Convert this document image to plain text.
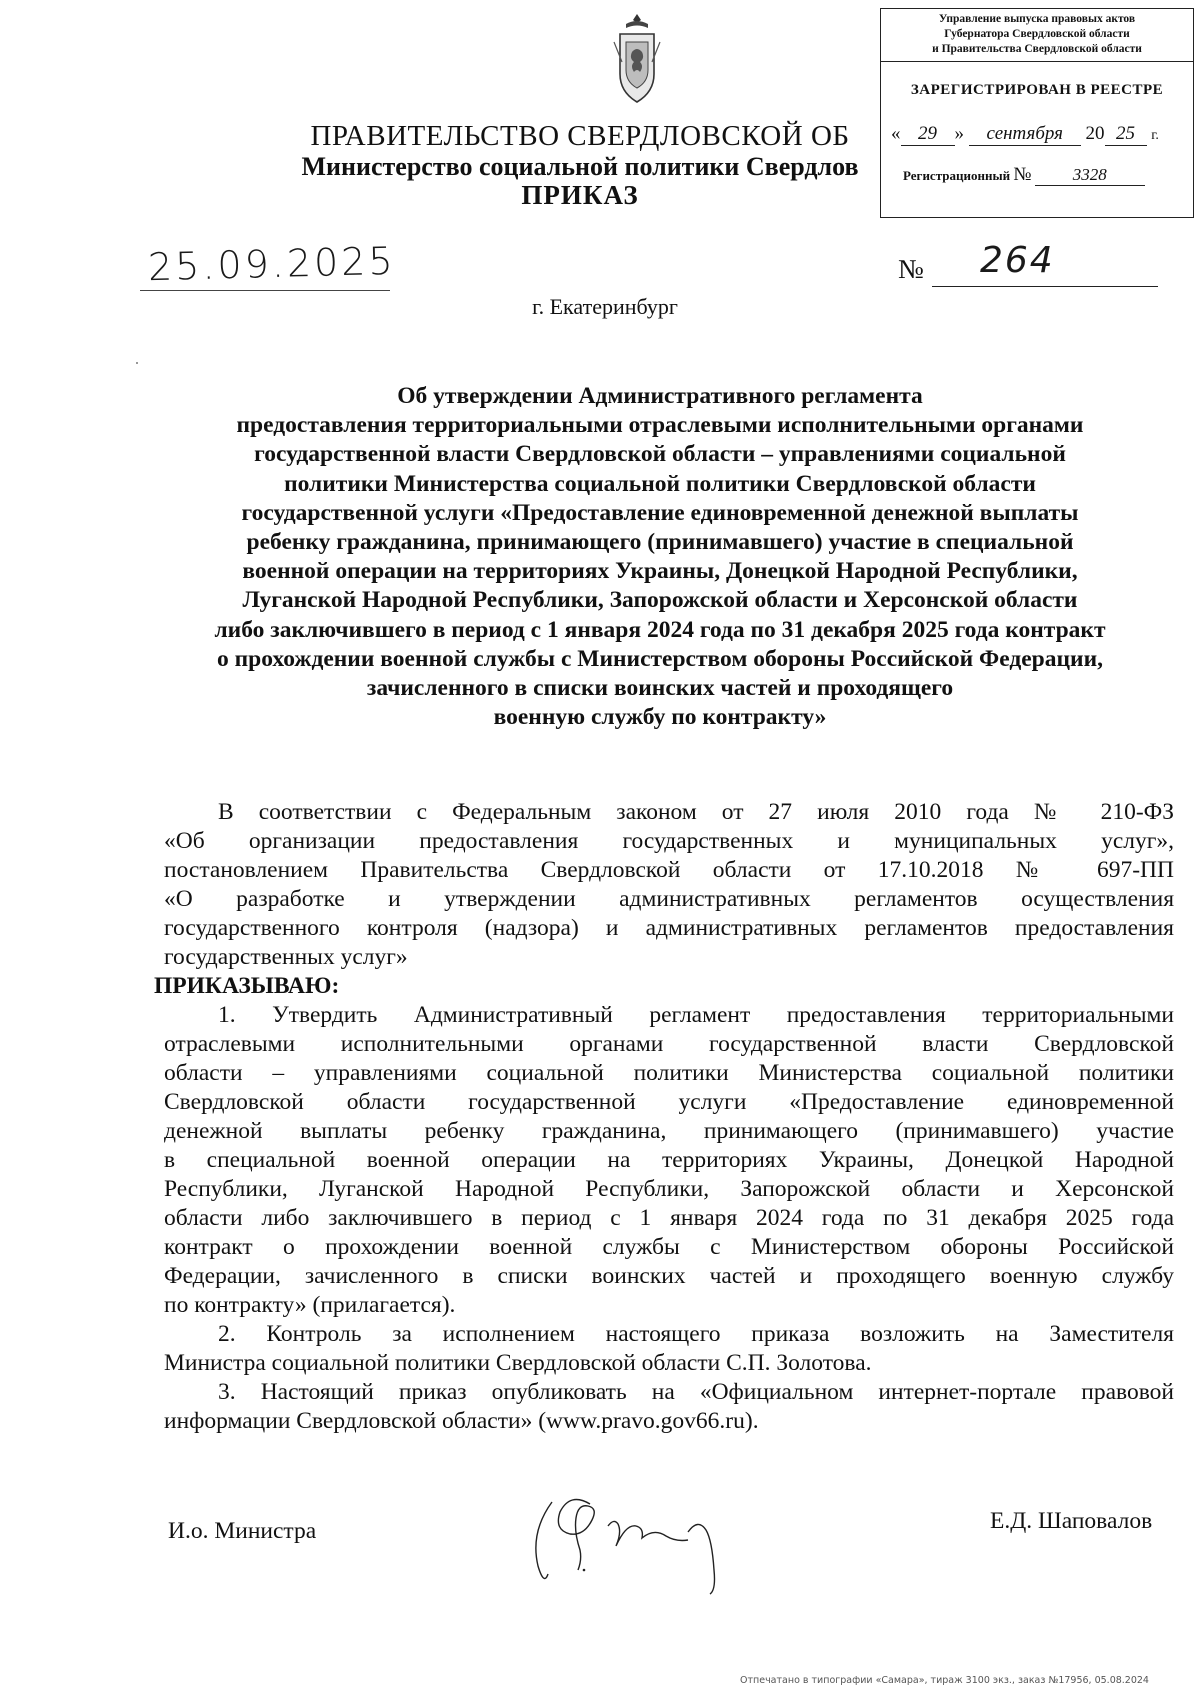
ПРАВИТЕЛЬСТВО СВЕРДЛОВСКОЙ ОБ
Министерство социальной политики Свердлов
ПРИКАЗ
Управление выпуска правовых актов
Губернатора Свердловской области
и Правительства Свердловской области
ЗАРЕГИСТРИРОВАН В РЕЕСТРЕ
« 29 » сентября 20 25 г.
Регистрационный № 3328
25.09.2025	№ 264
г. Екатеринбург
Об утверждении Административного регламента
предоставления территориальными отраслевыми исполнительными органами
государственной власти Свердловской области – управлениями социальной
политики Министерства социальной политики Свердловской области
государственной услуги «Предоставление единовременной денежной выплаты
ребенку гражданина, принимающего (принимавшего) участие в специальной
военной операции на территориях Украины, Донецкой Народной Республики,
Луганской Народной Республики, Запорожской области и Херсонской области
либо заключившего в период с 1 января 2024 года по 31 декабря 2025 года контракт
о прохождении военной службы с Министерством обороны Российской Федерации,
зачисленного в списки воинских частей и проходящего
военную службу по контракту»
В соответствии с Федеральным законом от 27 июля 2010 года № 210-ФЗ
«Об организации предоставления государственных и муниципальных услуг»,
постановлением Правительства Свердловской области от 17.10.2018 № 697-ПП
«О разработке и утверждении административных регламентов осуществления
государственного контроля (надзора) и административных регламентов предоставления
государственных услуг»
ПРИКАЗЫВАЮ:
1. Утвердить Административный регламент предоставления территориальными
отраслевыми исполнительными органами государственной власти Свердловской
области – управлениями социальной политики Министерства социальной политики
Свердловской области государственной услуги «Предоставление единовременной
денежной выплаты ребенку гражданина, принимающего (принимавшего) участие
в специальной военной операции на территориях Украины, Донецкой Народной
Республики, Луганской Народной Республики, Запорожской области и Херсонской
области либо заключившего в период с 1 января 2024 года по 31 декабря 2025 года
контракт о прохождении военной службы с Министерством обороны Российской
Федерации, зачисленного в списки воинских частей и проходящего военную службу
по контракту» (прилагается).
2. Контроль за исполнением настоящего приказа возложить на Заместителя
Министра социальной политики Свердловской области С.П. Золотова.
3. Настоящий приказ опубликовать на «Официальном интернет-портале правовой
информации Свердловской области» (www.pravo.gov66.ru).
И.о. Министра	Е.Д. Шаповалов
Отпечатано в типографии «Самара», тираж 3100 экз., заказ №17956, 05.08.2024
